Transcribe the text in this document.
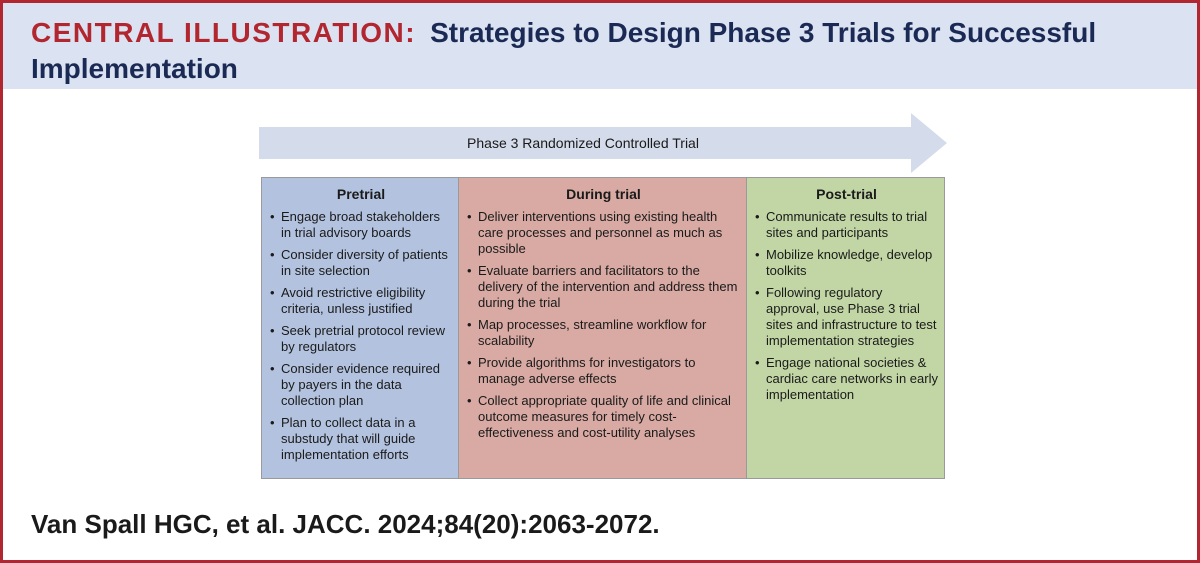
CENTRAL ILLUSTRATION: Strategies to Design Phase 3 Trials for Successful Implementation
Phase 3 Randomized Controlled Trial
Pretrial
• Engage broad stakeholders in trial advisory boards
• Consider diversity of patients in site selection
• Avoid restrictive eligibility criteria, unless justified
• Seek pretrial protocol review by regulators
• Consider evidence required by payers in the data collection plan
• Plan to collect data in a substudy that will guide implementation efforts
During trial
• Deliver interventions using existing health care processes and personnel as much as possible
• Evaluate barriers and facilitators to the delivery of the intervention and address them during the trial
• Map processes, streamline workflow for scalability
• Provide algorithms for investigators to manage adverse effects
• Collect appropriate quality of life and clinical outcome measures for timely cost-effectiveness and cost-utility analyses
Post-trial
• Communicate results to trial sites and participants
• Mobilize knowledge, develop toolkits
• Following regulatory approval, use Phase 3 trial sites and infrastructure to test implementation strategies
• Engage national societies & cardiac care networks in early implementation
Van Spall HGC, et al. JACC. 2024;84(20):2063-2072.
